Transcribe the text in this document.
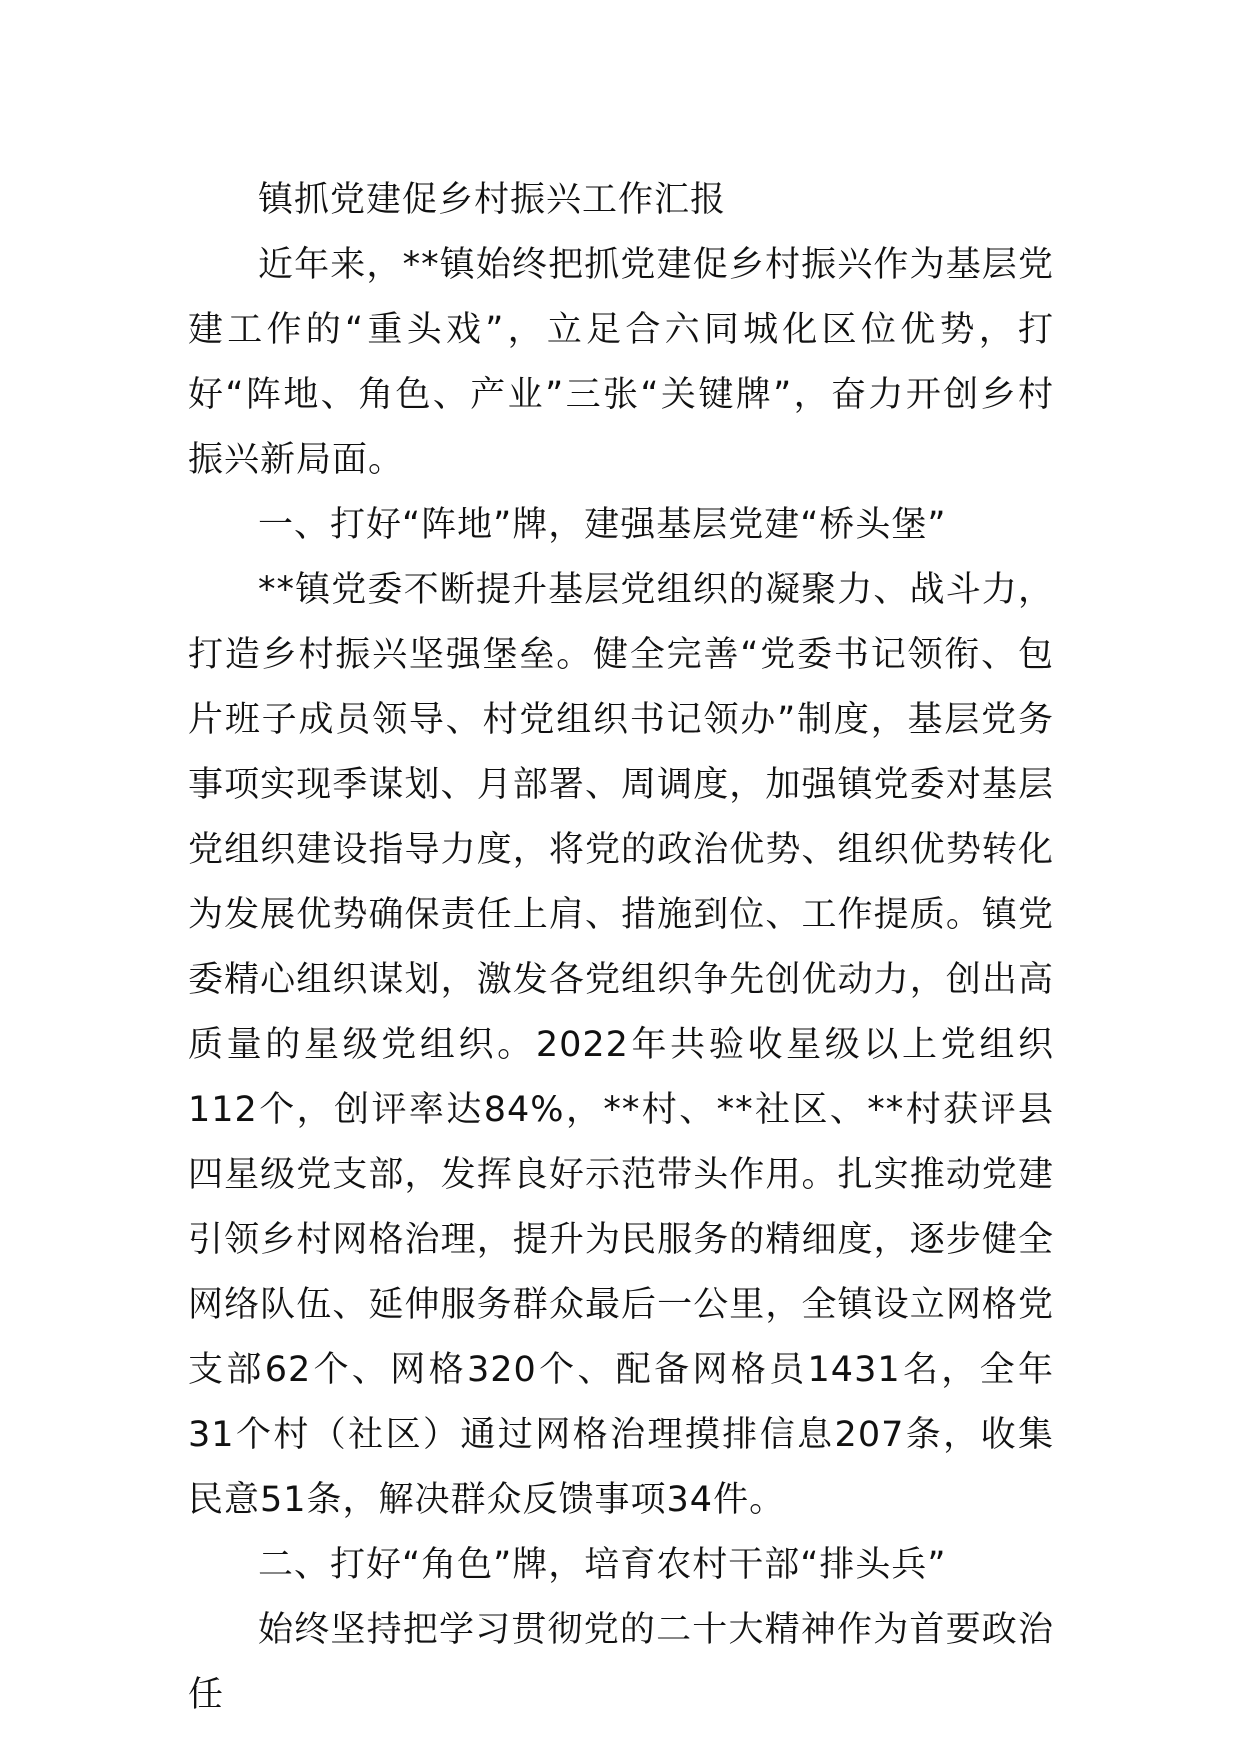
镇抓党建促乡村振兴工作汇报

近年来，**镇始终把抓党建促乡村振兴作为基层党建工作的“重头戏”，立足合六同城化区位优势，打好“阵地、角色、产业”三张“关键牌”，奋力开创乡村振兴新局面。

一、打好“阵地”牌，建强基层党建“桥头堡”

**镇党委不断提升基层党组织的凝聚力、战斗力，打造乡村振兴坚强堡垒。健全完善“党委书记领衔、包片班子成员领导、村党组织书记领办”制度，基层党务事项实现季谋划、月部署、周调度，加强镇党委对基层党组织建设指导力度，将党的政治优势、组织优势转化为发展优势确保责任上肩、措施到位、工作提质。镇党委精心组织谋划，激发各党组织争先创优动力，创出高质量的星级党组织。2022年共验收星级以上党组织112个，创评率达84%，**村、**社区、**村获评县四星级党支部，发挥良好示范带头作用。扎实推动党建引领乡村网格治理，提升为民服务的精细度，逐步健全网络队伍、延伸服务群众最后一公里，全镇设立网格党支部62个、网格320个、配备网格员1431名，全年31个村（社区）通过网格治理摸排信息207条，收集民意51条，解决群众反馈事项34件。

二、打好“角色”牌，培育农村干部“排头兵”

始终坚持把学习贯彻党的二十大精神作为首要政治任
